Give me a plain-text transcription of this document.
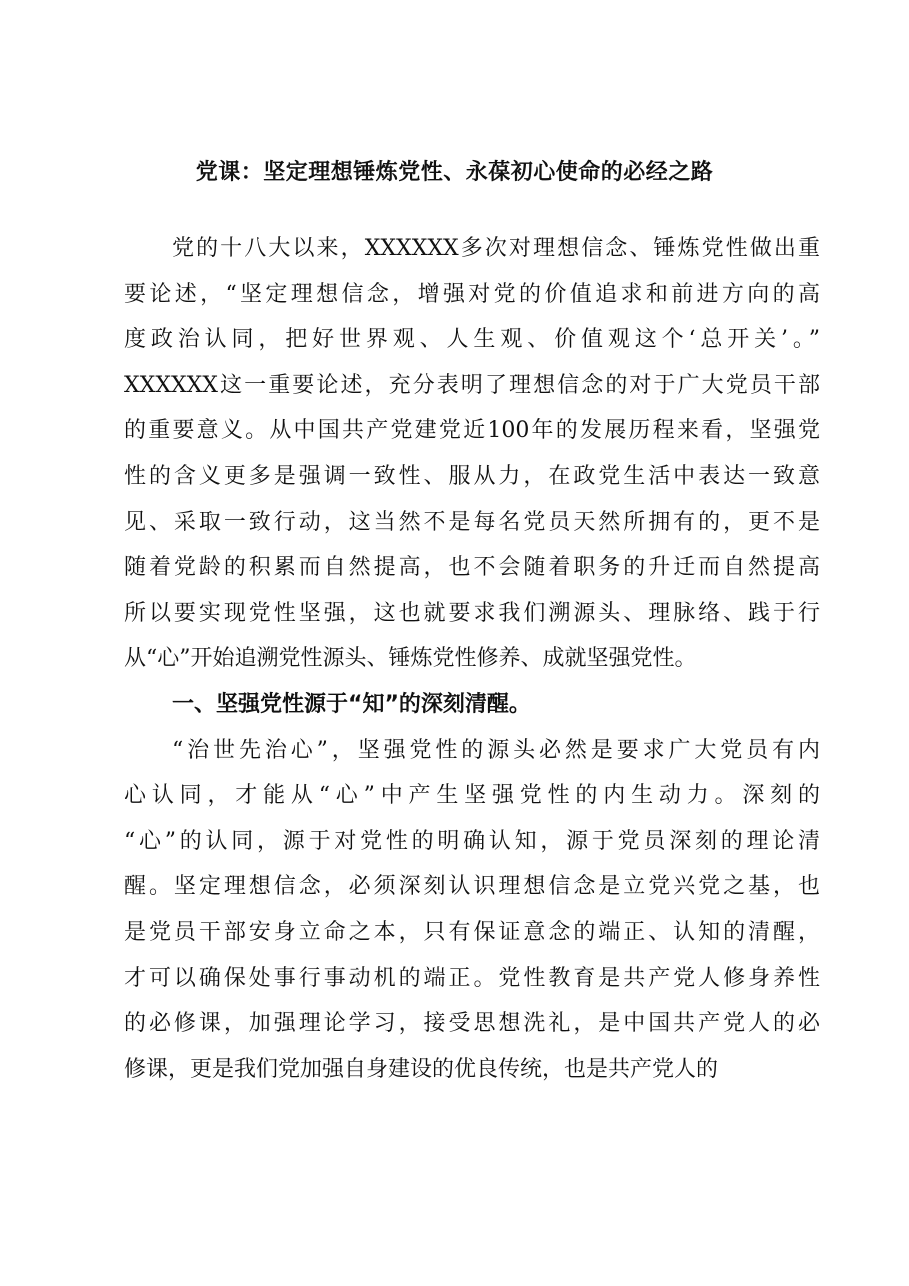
党课：坚定理想锤炼党性、永葆初心使命的必经之路
党的十八大以来，XXXXXX多次对理想信念、锤炼党性做出重
要论述，“坚定理想信念，增强对党的价值追求和前进方向的高
度政治认同，把好世界观、人生观、价值观这个‘总开关’。”
XXXXXX这一重要论述，充分表明了理想信念的对于广大党员干部
的重要意义。从中国共产党建党近100年的发展历程来看，坚强党
性的含义更多是强调一致性、服从力，在政党生活中表达一致意
见、采取一致行动，这当然不是每名党员天然所拥有的，更不是
随着党龄的积累而自然提高，也不会随着职务的升迁而自然提高
所以要实现党性坚强，这也就要求我们溯源头、理脉络、践于行
从“心”开始追溯党性源头、锤炼党性修养、成就坚强党性。
一、坚强党性源于“知”的深刻清醒。
“治世先治心”，坚强党性的源头必然是要求广大党员有内
心认同，才能从“心”中产生坚强党性的内生动力。深刻的
“心”的认同，源于对党性的明确认知，源于党员深刻的理论清
醒。坚定理想信念，必须深刻认识理想信念是立党兴党之基，也
是党员干部安身立命之本，只有保证意念的端正、认知的清醒，
才可以确保处事行事动机的端正。党性教育是共产党人修身养性
的必修课，加强理论学习，接受思想洗礼，是中国共产党人的必
修课，更是我们党加强自身建设的优良传统，也是共产党人的
